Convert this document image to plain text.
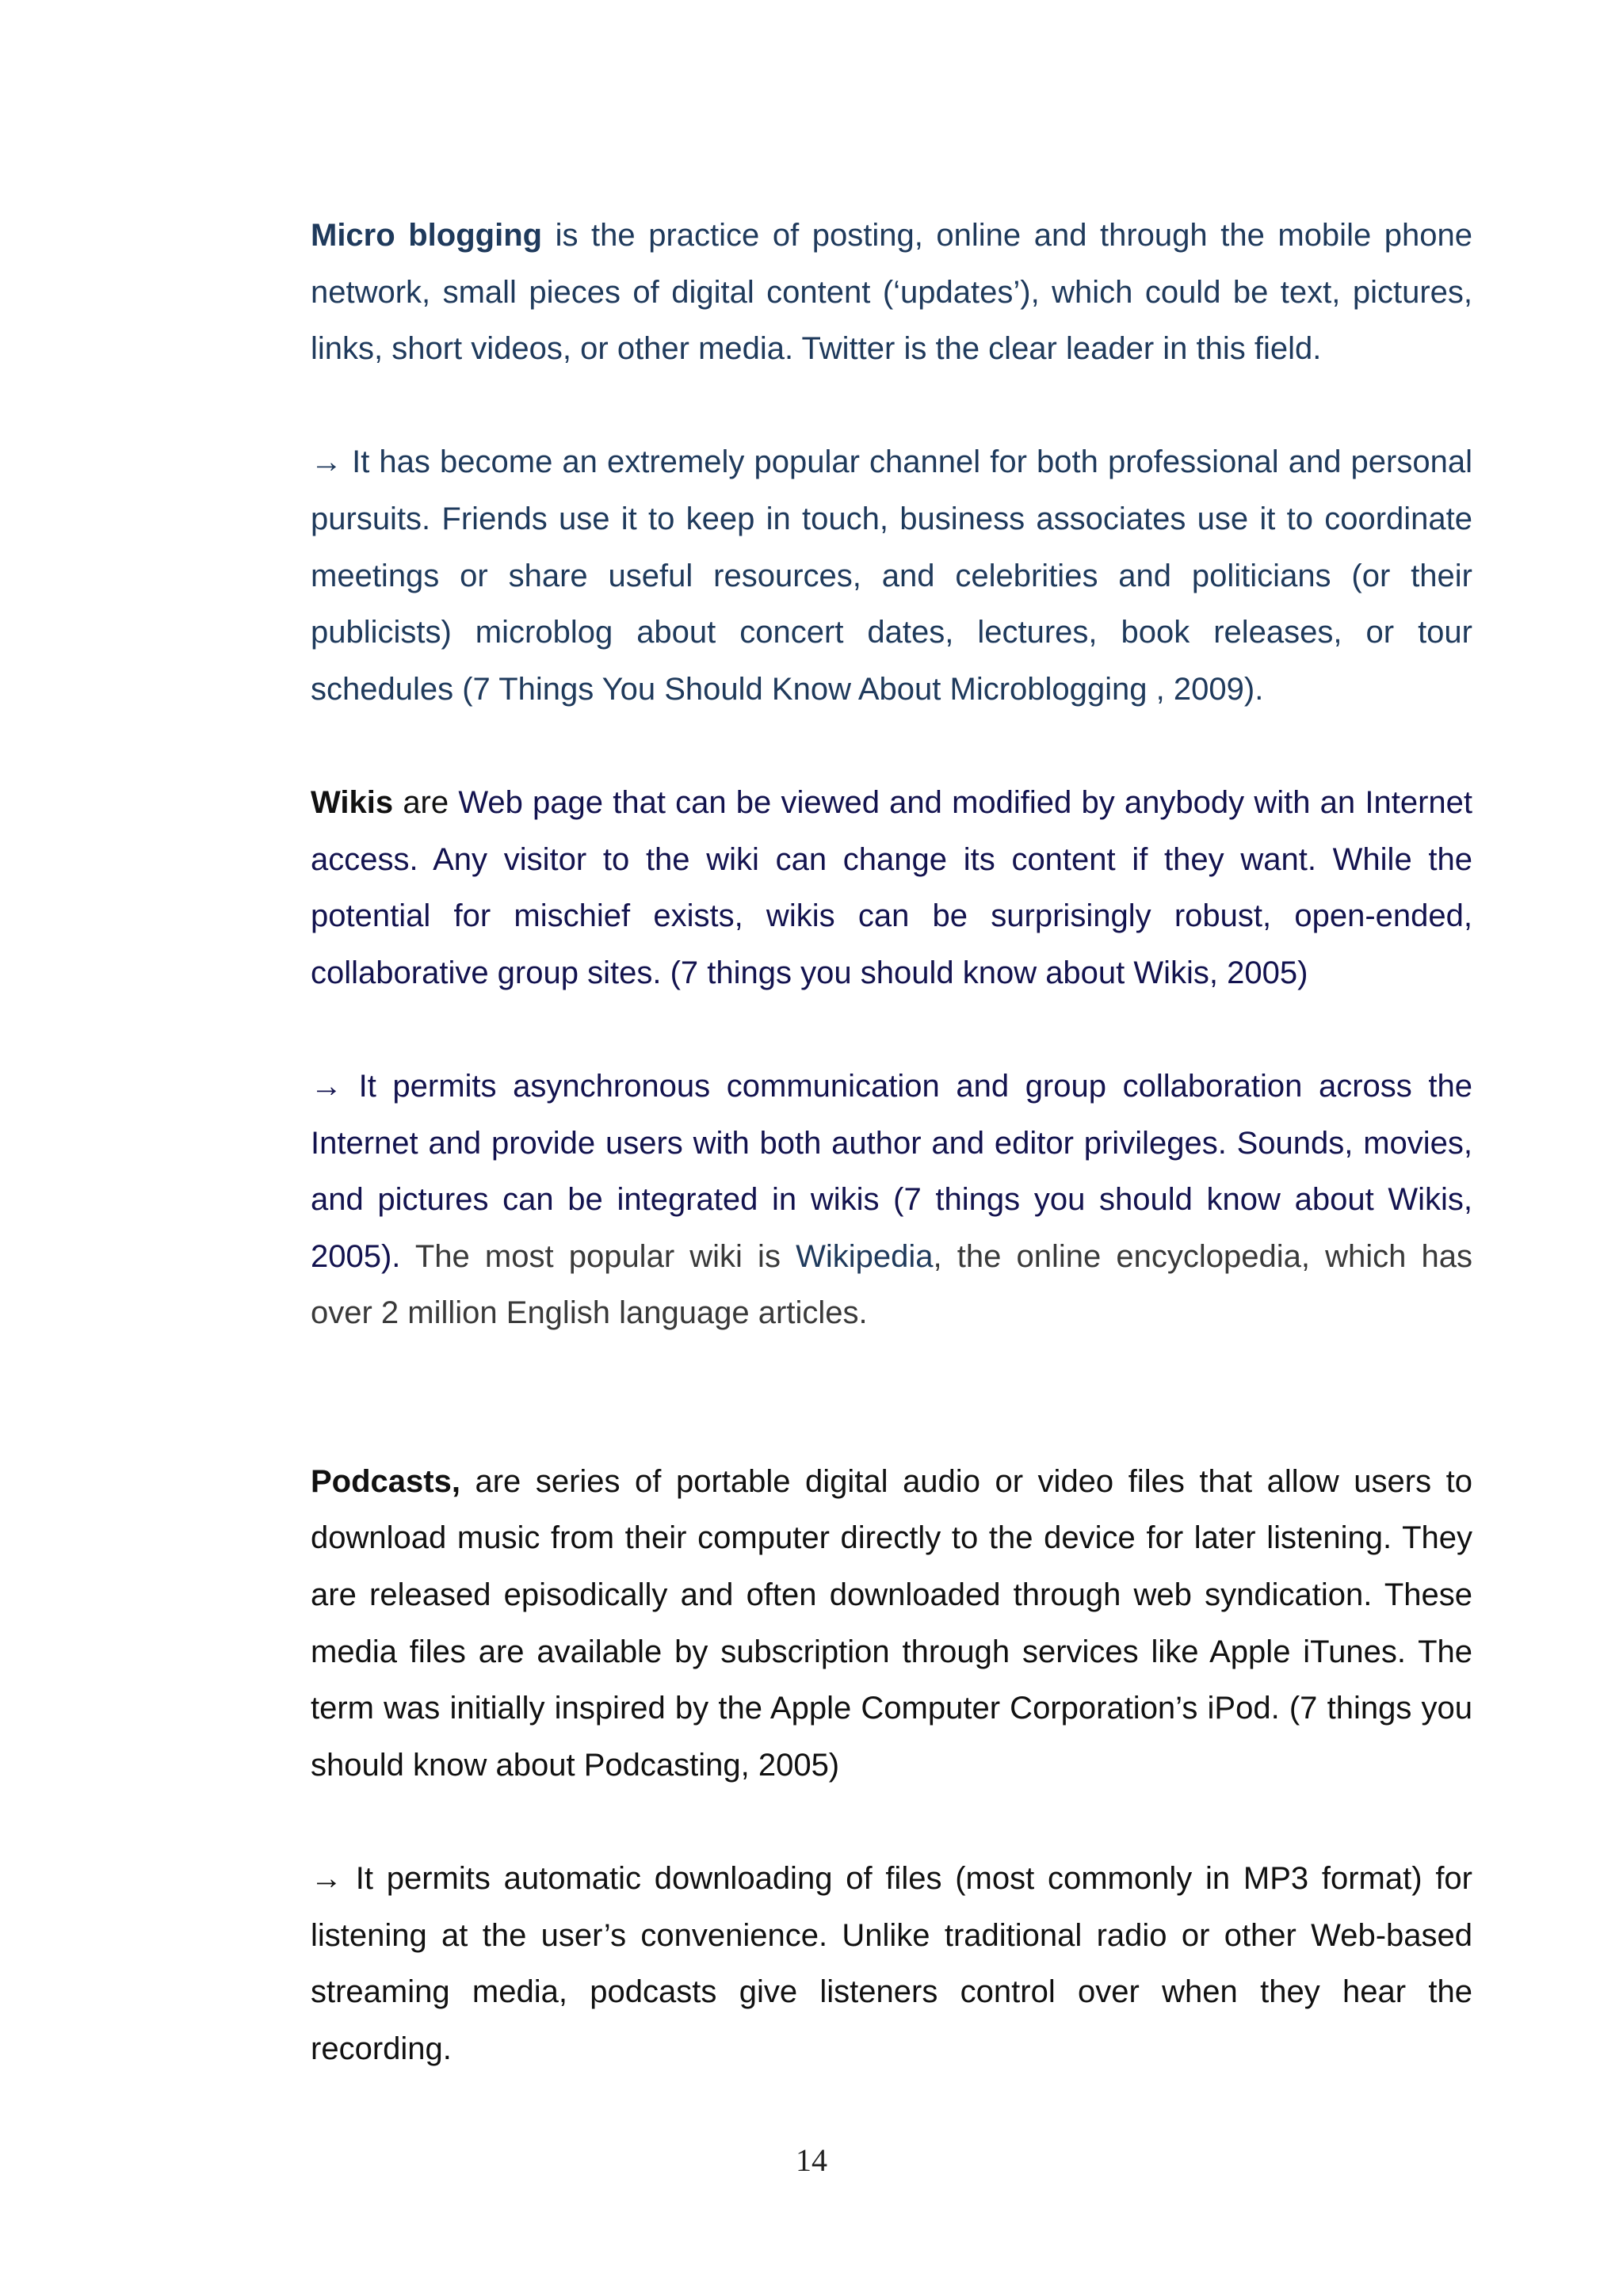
Micro blogging is the practice of posting, online and through the mobile phone network, small pieces of digital content (‘updates’), which could be text, pictures, links, short videos, or other media. Twitter is the clear leader in this field.

→ It has become an extremely popular channel for both professional and personal pursuits. Friends use it to keep in touch, business associates use it to coordinate meetings or share useful resources, and celebrities and politicians (or their publicists) microblog about concert dates, lectures, book releases, or tour schedules (7 Things You Should Know About Microblogging , 2009).

Wikis are Web page that can be viewed and modified by anybody with an Internet access. Any visitor to the wiki can change its content if they want. While the potential for mischief exists, wikis can be surprisingly robust, open-ended, collaborative group sites. (7 things you should know about Wikis, 2005)

→ It permits asynchronous communication and group collaboration across the Internet and provide users with both author and editor privileges. Sounds, movies, and pictures can be integrated in wikis (7 things you should know about Wikis, 2005). The most popular wiki is Wikipedia, the online encyclopedia, which has over 2 million English language articles.

Podcasts, are series of portable digital audio or video files that allow users to download music from their computer directly to the device for later listening. They are released episodically and often downloaded through web syndication. These media files are available by subscription through services like Apple iTunes. The term was initially inspired by the Apple Computer Corporation’s iPod. (7 things you should know about Podcasting, 2005)

→ It permits automatic downloading of files (most commonly in MP3 format) for listening at the user’s convenience. Unlike traditional radio or other Web-based streaming media, podcasts give listeners control over when they hear the recording.

14
